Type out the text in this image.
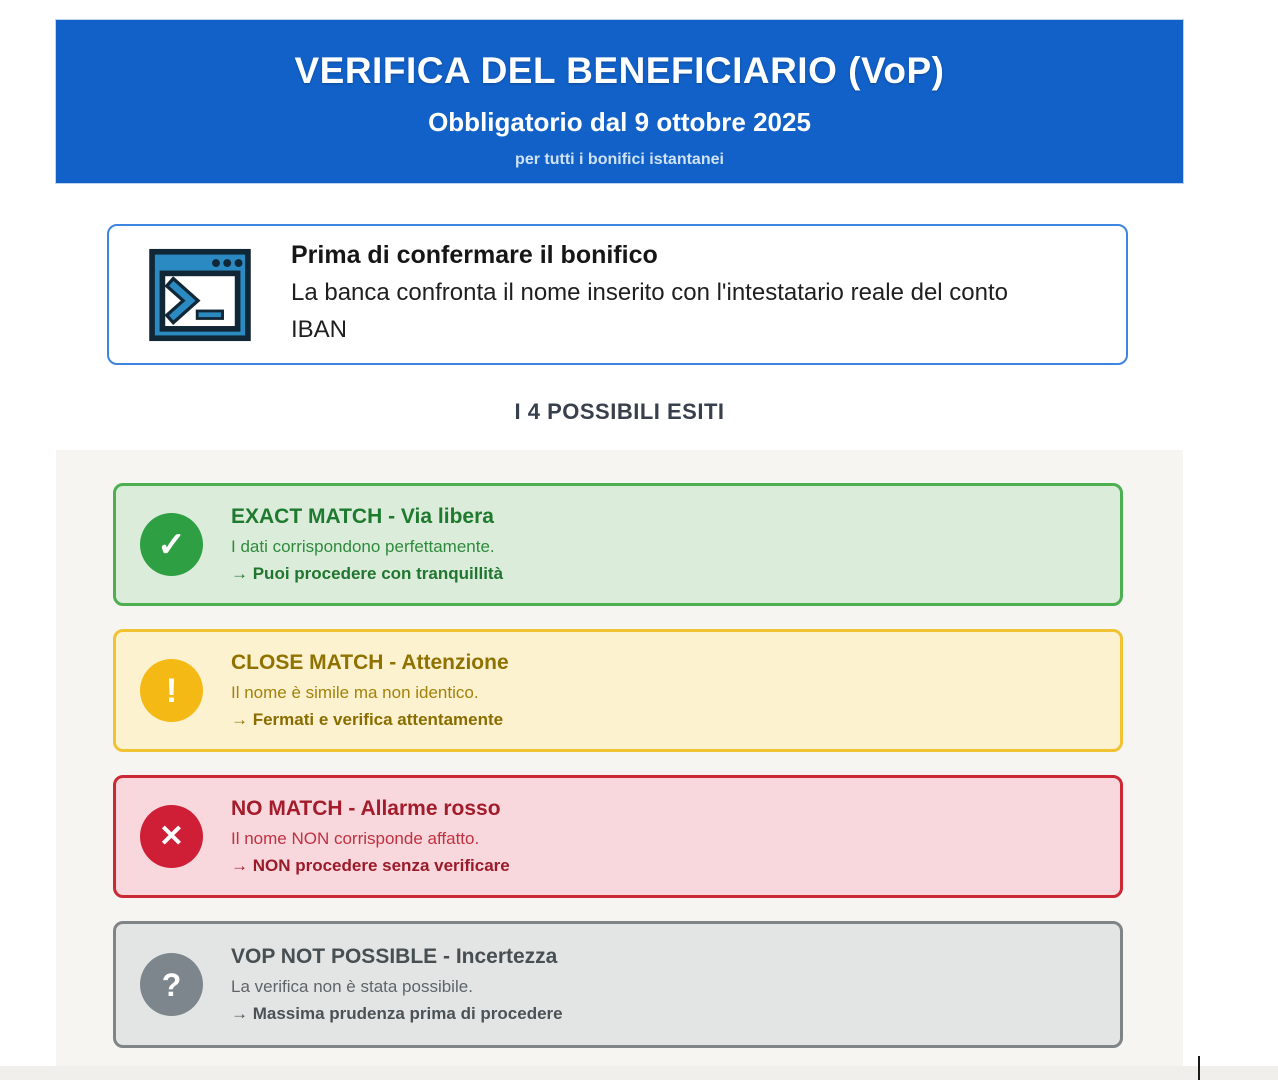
VERIFICA DEL BENEFICIARIO (VoP)
Obbligatorio dal 9 ottobre 2025
per tutti i bonifici istantanei
Prima di confermare il bonifico
La banca confronta il nome inserito con l'intestatario reale del conto IBAN
I 4 POSSIBILI ESITI
✓
EXACT MATCH - Via libera
I dati corrispondono perfettamente.
→ Puoi procedere con tranquillità
!
CLOSE MATCH - Attenzione
Il nome è simile ma non identico.
→ Fermati e verifica attentamente
✕
NO MATCH - Allarme rosso
Il nome NON corrisponde affatto.
→ NON procedere senza verificare
?
VOP NOT POSSIBLE - Incertezza
La verifica non è stata possibile.
→ Massima prudenza prima di procedere
